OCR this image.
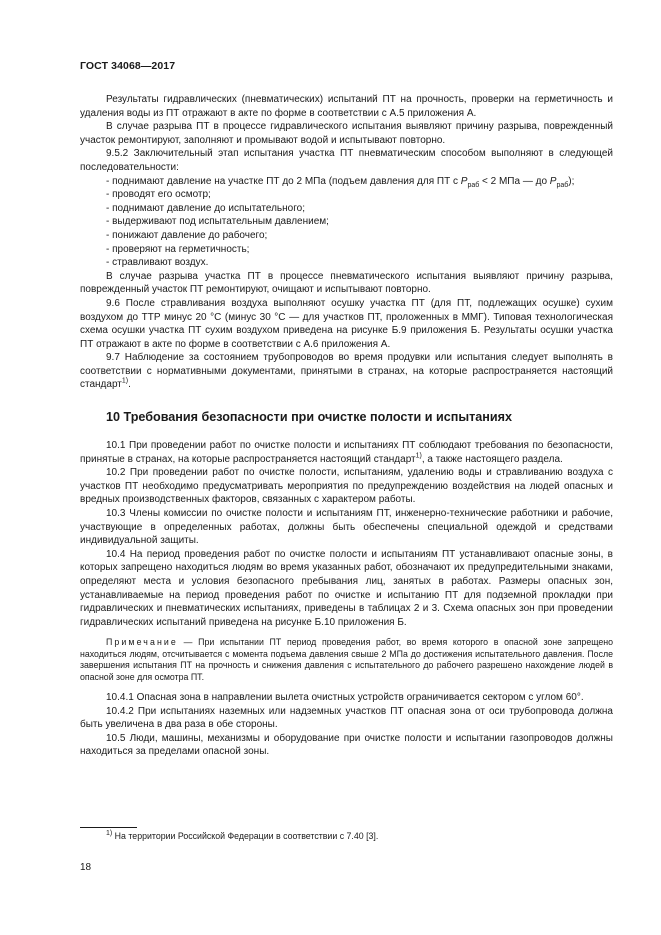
ГОСТ 34068—2017

Результаты гидравлических (пневматических) испытаний ПТ на прочность, проверки на герметичность и удаления воды из ПТ отражают в акте по форме в соответствии с А.5 приложения А.

В случае разрыва ПТ в процессе гидравлического испытания выявляют причину разрыва, поврежденный участок ремонтируют, заполняют и промывают водой и испытывают повторно.

9.5.2 Заключительный этап испытания участка ПТ пневматическим способом выполняют в следующей последовательности:

- поднимают давление на участке ПТ до 2 МПа (подъем давления для ПТ с $P_{раб} < 2$ МПа — до $P_{раб}$);

- проводят его осмотр;

- поднимают давление до испытательного;

- выдерживают под испытательным давлением;

- понижают давление до рабочего;

- проверяют на герметичность;

- стравливают воздух.

В случае разрыва участка ПТ в процессе пневматического испытания выявляют причину разрыва, поврежденный участок ПТ ремонтируют, очищают и испытывают повторно.

9.6 После стравливания воздуха выполняют осушку участка ПТ (для ПТ, подлежащих осушке) сухим воздухом до ТТР минус 20 °С (минус 30 °С — для участков ПТ, проложенных в ММГ). Типовая технологическая схема осушки участка ПТ сухим воздухом приведена на рисунке Б.9 приложения Б. Результаты осушки участка ПТ отражают в акте по форме в соответствии с А.6 приложения А.

9.7 Наблюдение за состоянием трубопроводов во время продувки или испытания следует выполнять в соответствии с нормативными документами, принятыми в странах, на которые распространяется настоящий стандарт$^{1)}$.

10 Требования безопасности при очистке полости и испытаниях

10.1 При проведении работ по очистке полости и испытаниях ПТ соблюдают требования по безопасности, принятые в странах, на которые распространяется настоящий стандарт$^{1)}$, а также настоящего раздела.

10.2 При проведении работ по очистке полости, испытаниям, удалению воды и стравливанию воздуха с участков ПТ необходимо предусматривать мероприятия по предупреждению воздействия на людей опасных и вредных производственных факторов, связанных с характером работы.

10.3 Члены комиссии по очистке полости и испытаниям ПТ, инженерно-технические работники и рабочие, участвующие в определенных работах, должны быть обеспечены специальной одеждой и средствами индивидуальной защиты.

10.4 На период проведения работ по очистке полости и испытаниям ПТ устанавливают опасные зоны, в которых запрещено находиться людям во время указанных работ, обозначают их предупредительными знаками, определяют места и условия безопасного пребывания лиц, занятых в работах. Размеры опасных зон, устанавливаемые на период проведения работ по очистке и испытанию ПТ для подземной прокладки при гидравлических и пневматических испытаниях, приведены в таблицах 2 и 3. Схема опасных зон при проведении гидравлических испытаний приведена на рисунке Б.10 приложения Б.

Примечание — При испытании ПТ период проведения работ, во время которого в опасной зоне запрещено находиться людям, отсчитывается с момента подъема давления свыше 2 МПа до достижения испытательного давления. После завершения испытания ПТ на прочность и снижения давления с испытательного до рабочего разрешено нахождение людей в опасной зоне для осмотра ПТ.

10.4.1 Опасная зона в направлении вылета очистных устройств ограничивается сектором с углом 60°.

10.4.2 При испытаниях наземных или надземных участков ПТ опасная зона от оси трубопровода должна быть увеличена в два раза в обе стороны.

10.5 Люди, машины, механизмы и оборудование при очистке полости и испытании газопроводов должны находиться за пределами опасной зоны.

$^{1)}$ На территории Российской Федерации в соответствии с 7.40 [3].
18
